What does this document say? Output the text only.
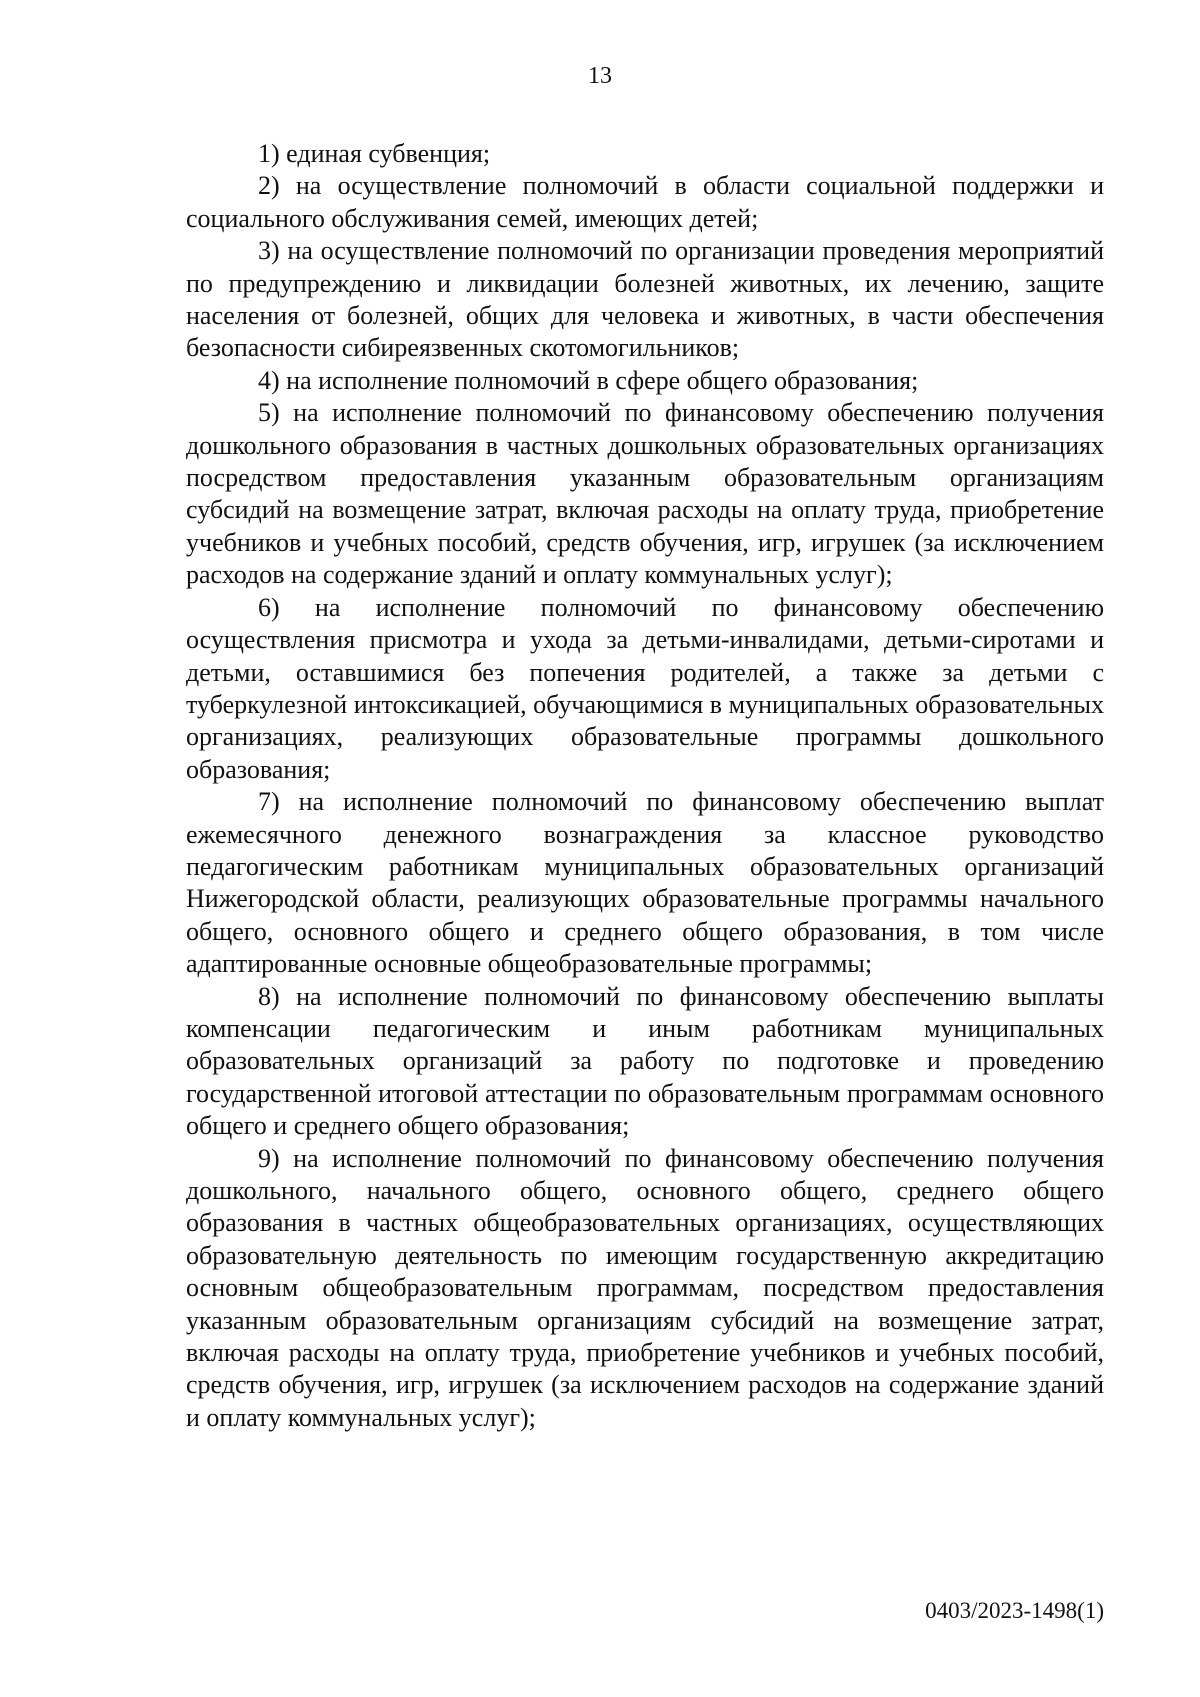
13

1) единая субвенция;

2) на осуществление полномочий в области социальной поддержки и социального обслуживания семей, имеющих детей;

3) на осуществление полномочий по организации проведения мероприятий по предупреждению и ликвидации болезней животных, их лечению, защите населения от болезней, общих для человека и животных, в части обеспечения безопасности сибиреязвенных скотомогильников;

4) на исполнение полномочий в сфере общего образования;

5) на исполнение полномочий по финансовому обеспечению получения дошкольного образования в частных дошкольных образовательных организациях посредством предоставления указанным образовательным организациям субсидий на возмещение затрат, включая расходы на оплату труда, приобретение учебников и учебных пособий, средств обучения, игр, игрушек (за исключением расходов на содержание зданий и оплату коммунальных услуг);

6) на исполнение полномочий по финансовому обеспечению осуществления присмотра и ухода за детьми-инвалидами, детьми-сиротами и детьми, оставшимися без попечения родителей, а также за детьми с туберкулезной интоксикацией, обучающимися в муниципальных образовательных организациях, реализующих образовательные программы дошкольного образования;

7) на исполнение полномочий по финансовому обеспечению выплат ежемесячного денежного вознаграждения за классное руководство педагогическим работникам муниципальных образовательных организаций Нижегородской области, реализующих образовательные программы начального общего, основного общего и среднего общего образования, в том числе адаптированные основные общеобразовательные программы;

8) на исполнение полномочий по финансовому обеспечению выплаты компенсации педагогическим и иным работникам муниципальных образовательных организаций за работу по подготовке и проведению государственной итоговой аттестации по образовательным программам основного общего и среднего общего образования;

9) на исполнение полномочий по финансовому обеспечению получения дошкольного, начального общего, основного общего, среднего общего образования в частных общеобразовательных организациях, осуществляющих образовательную деятельность по имеющим государственную аккредитацию основным общеобразовательным программам, посредством предоставления указанным образовательным организациям субсидий на возмещение затрат, включая расходы на оплату труда, приобретение учебников и учебных пособий, средств обучения, игр, игрушек (за исключением расходов на содержание зданий и оплату коммунальных услуг);

0403/2023-1498(1)
